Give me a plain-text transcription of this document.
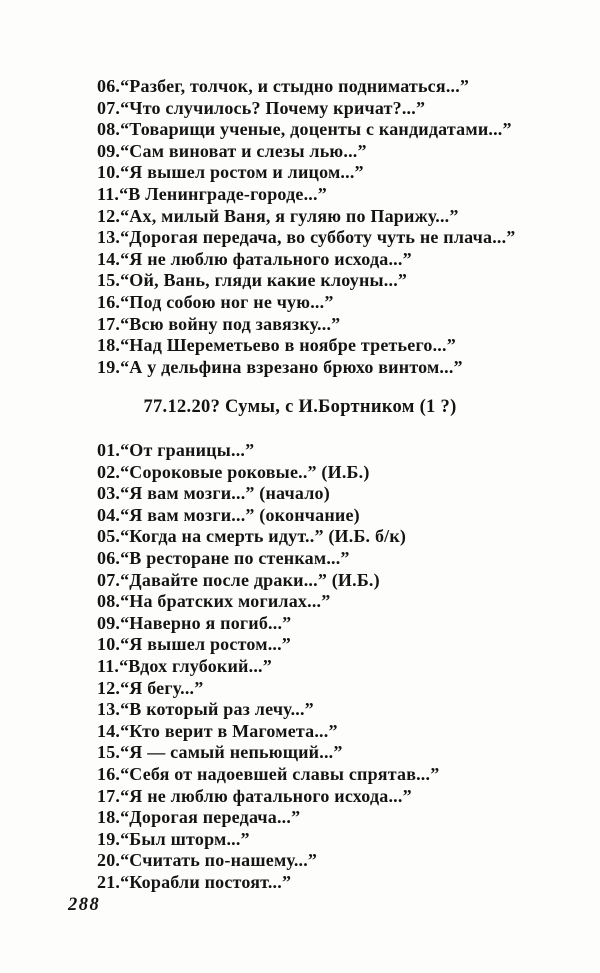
06.“Разбег, толчок, и стыдно подниматься...”
07.“Что случилось? Почему кричат?...”
08.“Товарищи ученые, доценты с кандидатами...”
09.“Сам виноват и слезы лью...”
10.“Я вышел ростом и лицом...”
11.“В Ленинграде-городе...”
12.“Ах, милый Ваня, я гуляю по Парижу...”
13.“Дорогая передача, во субботу чуть не плача...”
14.“Я не люблю фатального исхода...”
15.“Ой, Вань, гляди какие клоуны...”
16.“Под собою ног не чую...”
17.“Всю войну под завязку...”
18.“Над Шереметьево в ноябре третьего...”
19.“А у дельфина взрезано брюхо винтом...”
77.12.20? Сумы, с И.Бортником (1 ?)
01.“От границы...”
02.“Сороковые роковые..” (И.Б.)
03.“Я вам мозги...” (начало)
04.“Я вам мозги...” (окончание)
05.“Когда на смерть идут..” (И.Б. б/к)
06.“В ресторане по стенкам...”
07.“Давайте после драки...” (И.Б.)
08.“На братских могилах...”
09.“Наверно я погиб...”
10.“Я вышел ростом...”
11.“Вдох глубокий...”
12.“Я бегу...”
13.“В который раз лечу...”
14.“Кто верит в Магомета...”
15.“Я — самый непьющий...”
16.“Себя от надоевшей славы спрятав...”
17.“Я не люблю фатального исхода...”
18.“Дорогая передача...”
19.“Был шторм...”
20.“Считать по-нашему...”
21.“Корабли постоят...”
288
